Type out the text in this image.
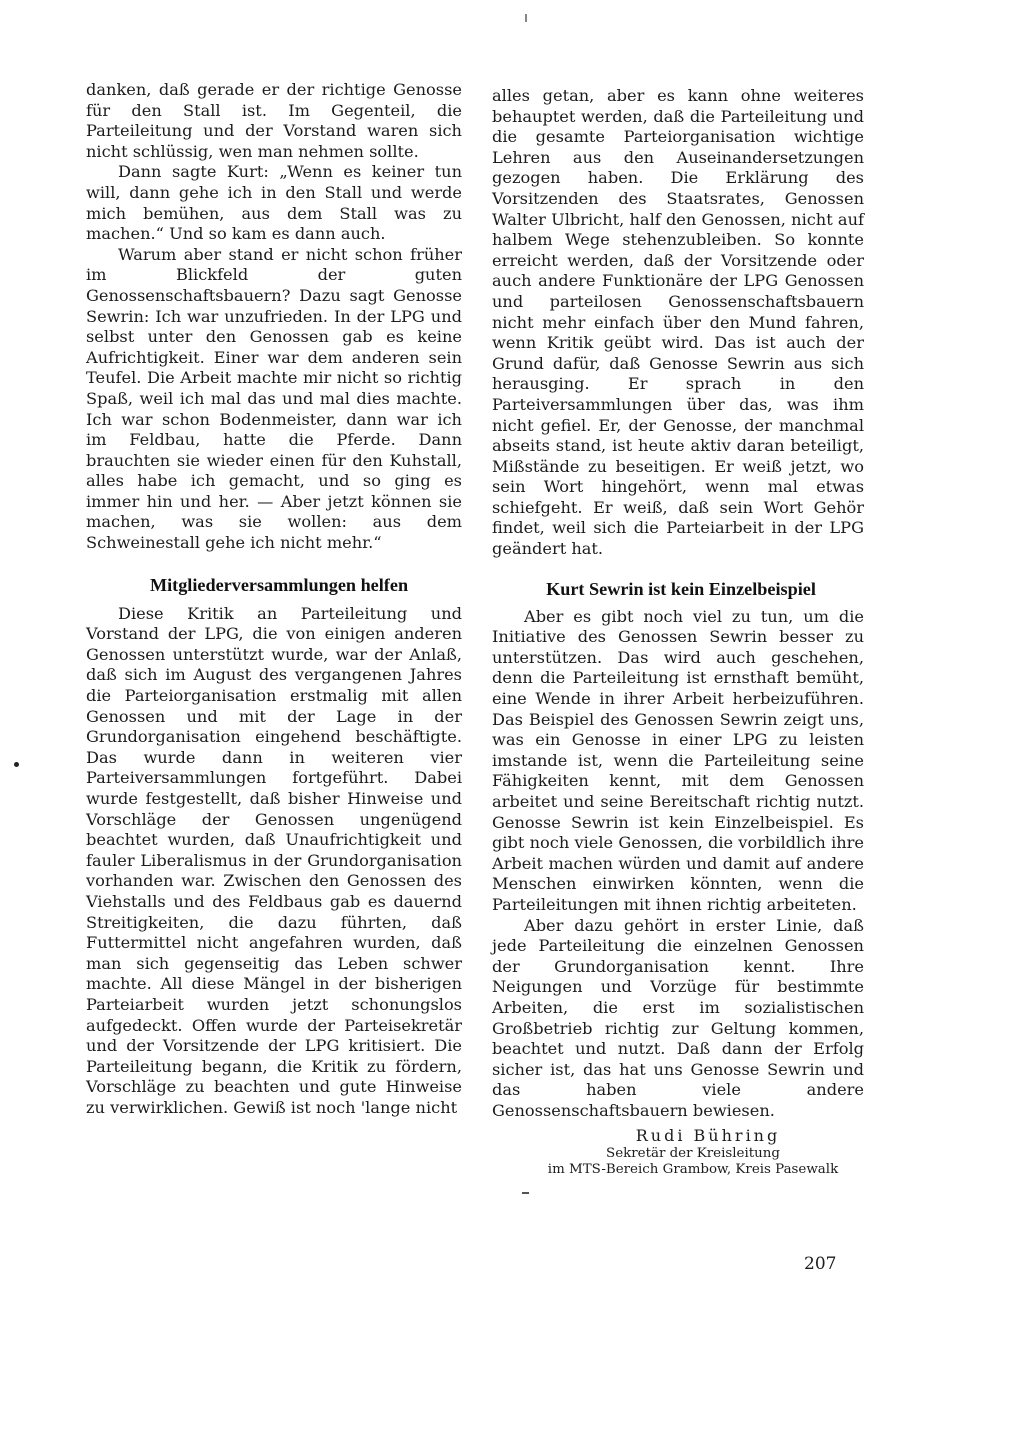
danken, daß gerade er der richtige Genosse für den Stall ist. Im Gegenteil, die Parteileitung und der Vorstand waren sich nicht schlüssig, wen man nehmen sollte.

Dann sagte Kurt: „Wenn es keiner tun will, dann gehe ich in den Stall und werde mich bemühen, aus dem Stall was zu machen.“ Und so kam es dann auch.

Warum aber stand er nicht schon früher im Blickfeld der guten Genossenschaftsbauern? Dazu sagt Genosse Sewrin: Ich war unzufrieden. In der LPG und selbst unter den Genossen gab es keine Aufrichtigkeit. Einer war dem anderen sein Teufel. Die Arbeit machte mir nicht so richtig Spaß, weil ich mal das und mal dies machte. Ich war schon Bodenmeister, dann war ich im Feldbau, hatte die Pferde. Dann brauchten sie wieder einen für den Kuhstall, alles habe ich gemacht, und so ging es immer hin und her. — Aber jetzt können sie machen, was sie wollen: aus dem Schweinestall gehe ich nicht mehr.“

Mitgliederversammlungen helfen

Diese Kritik an Parteileitung und Vorstand der LPG, die von einigen anderen Genossen unterstützt wurde, war der Anlaß, daß sich im August des vergangenen Jahres die Parteiorganisation erstmalig mit allen Genossen und mit der Lage in der Grundorganisation eingehend beschäftigte. Das wurde dann in weiteren vier Parteiversammlungen fortgeführt. Dabei wurde festgestellt, daß bisher Hinweise und Vorschläge der Genossen ungenügend beachtet wurden, daß Unaufrichtigkeit und fauler Liberalismus in der Grundorganisation vorhanden war. Zwischen den Genossen des Viehstalls und des Feldbaus gab es dauernd Streitigkeiten, die dazu führten, daß Futtermittel nicht angefahren wurden, daß man sich gegenseitig das Leben schwer machte. All diese Mängel in der bisherigen Parteiarbeit wurden jetzt schonungslos aufgedeckt. Offen wurde der Parteisekretär und der Vorsitzende der LPG kritisiert. Die Parteileitung begann, die Kritik zu fördern, Vorschläge zu beachten und gute Hinweise zu verwirklichen. Gewiß ist noch 'lange nicht

alles getan, aber es kann ohne weiteres behauptet werden, daß die Parteileitung und die gesamte Parteiorganisation wichtige Lehren aus den Auseinandersetzungen gezogen haben. Die Erklärung des Vorsitzenden des Staatsrates, Genossen Walter Ulbricht, half den Genossen, nicht auf halbem Wege stehenzubleiben. So konnte erreicht werden, daß der Vorsitzende oder auch andere Funktionäre der LPG Genossen und parteilosen Genossenschaftsbauern nicht mehr einfach über den Mund fahren, wenn Kritik geübt wird. Das ist auch der Grund dafür, daß Genosse Sewrin aus sich herausging. Er sprach in den Parteiversammlungen über das, was ihm nicht gefiel. Er, der Genosse, der manchmal abseits stand, ist heute aktiv daran beteiligt, Mißstände zu beseitigen. Er weiß jetzt, wo sein Wort hingehört, wenn mal etwas schiefgeht. Er weiß, daß sein Wort Gehör findet, weil sich die Parteiarbeit in der LPG geändert hat.

Kurt Sewrin ist kein Einzelbeispiel

Aber es gibt noch viel zu tun, um die Initiative des Genossen Sewrin besser zu unterstützen. Das wird auch geschehen, denn die Parteileitung ist ernsthaft bemüht, eine Wende in ihrer Arbeit herbeizuführen. Das Beispiel des Genossen Sewrin zeigt uns, was ein Genosse in einer LPG zu leisten imstande ist, wenn die Parteileitung seine Fähigkeiten kennt, mit dem Genossen arbeitet und seine Bereitschaft richtig nutzt. Genosse Sewrin ist kein Einzelbeispiel. Es gibt noch viele Genossen, die vorbildlich ihre Arbeit machen würden und damit auf andere Menschen einwirken könnten, wenn die Parteileitungen mit ihnen richtig arbeiteten.

Aber dazu gehört in erster Linie, daß jede Parteileitung die einzelnen Genossen der Grundorganisation kennt. Ihre Neigungen und Vorzüge für bestimmte Arbeiten, die erst im sozialistischen Großbetrieb richtig zur Geltung kommen, beachtet und nutzt. Daß dann der Erfolg sicher ist, das hat uns Genosse Sewrin und das haben viele andere Genossenschaftsbauern bewiesen.

Rudi Bühring
Sekretär der Kreisleitung
im MTS-Bereich Grambow, Kreis Pasewalk
207
